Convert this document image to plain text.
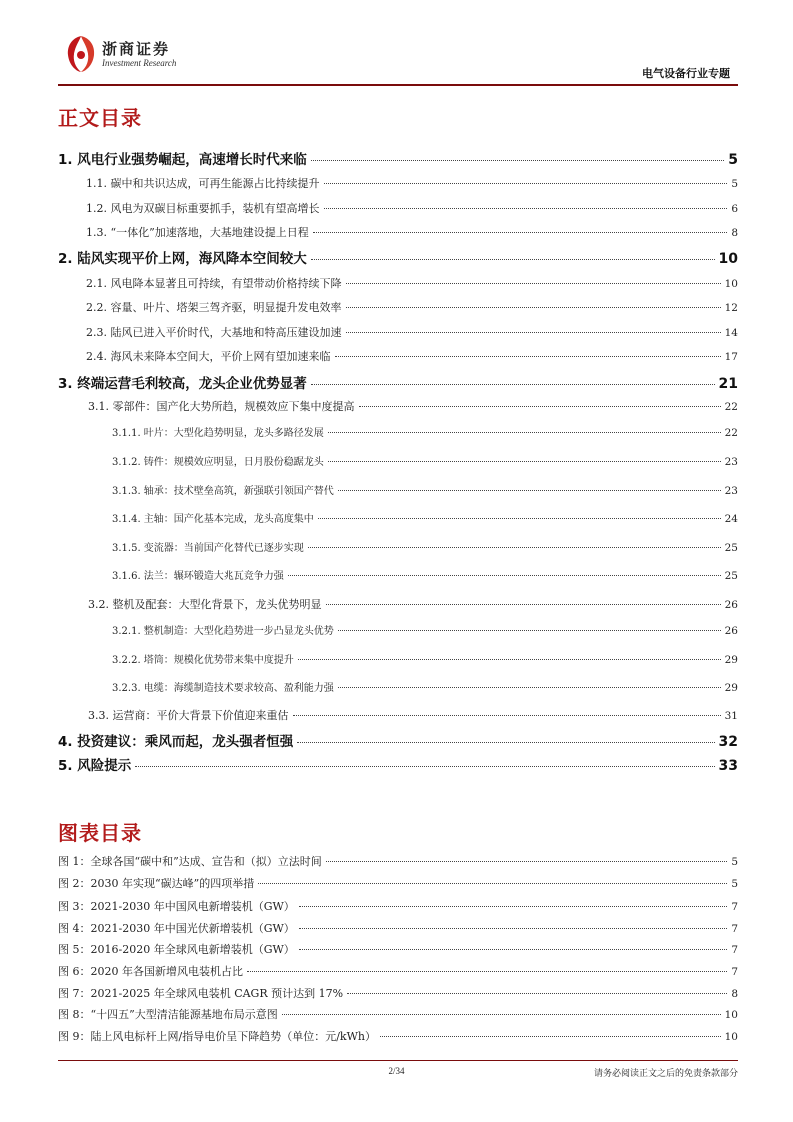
浙商证券
Investment Research
电气设备行业专题
正文目录
1. 风电行业强势崛起，高速增长时代来临	5
1.1. 碳中和共识达成，可再生能源占比持续提升	5
1.2. 风电为双碳目标重要抓手，装机有望高增长	6
1.3. “一体化”加速落地，大基地建设提上日程	8
2. 陆风实现平价上网，海风降本空间较大	10
2.1. 风电降本显著且可持续，有望带动价格持续下降	10
2.2. 容量、叶片、塔架三驾齐驱，明显提升发电效率	12
2.3. 陆风已进入平价时代，大基地和特高压建设加速	14
2.4. 海风未来降本空间大，平价上网有望加速来临	17
3. 终端运营毛利较高，龙头企业优势显著	21
3.1. 零部件：国产化大势所趋，规模效应下集中度提高	22
3.1.1. 叶片：大型化趋势明显，龙头多路径发展	22
3.1.2. 铸件：规模效应明显，日月股份稳踞龙头	23
3.1.3. 轴承：技术壁垒高筑，新强联引领国产替代	23
3.1.4. 主轴：国产化基本完成，龙头高度集中	24
3.1.5. 变流器：当前国产化替代已逐步实现	25
3.1.6. 法兰：辗环锻造大兆瓦竞争力强	25
3.2. 整机及配套：大型化背景下，龙头优势明显	26
3.2.1. 整机制造：大型化趋势进一步凸显龙头优势	26
3.2.2. 塔筒：规模化优势带来集中度提升	29
3.2.3. 电缆：海缆制造技术要求较高、盈利能力强	29
3.3. 运营商：平价大背景下价值迎来重估	31
4. 投资建议：乘风而起，龙头强者恒强	32
5. 风险提示	33
图表目录
图 1：全球各国“碳中和”达成、宣告和（拟）立法时间	5
图 2：2030 年实现“碳达峰”的四项举措	5
图 3：2021-2030 年中国风电新增装机（GW）	7
图 4：2021-2030 年中国光伏新增装机（GW）	7
图 5：2016-2020 年全球风电新增装机（GW）	7
图 6：2020 年各国新增风电装机占比	7
图 7：2021-2025 年全球风电装机 CAGR 预计达到 17%	8
图 8：“十四五”大型清洁能源基地布局示意图	10
图 9：陆上风电标杆上网/指导电价呈下降趋势（单位：元/kWh）	10
2/34	请务必阅读正文之后的免责条款部分
